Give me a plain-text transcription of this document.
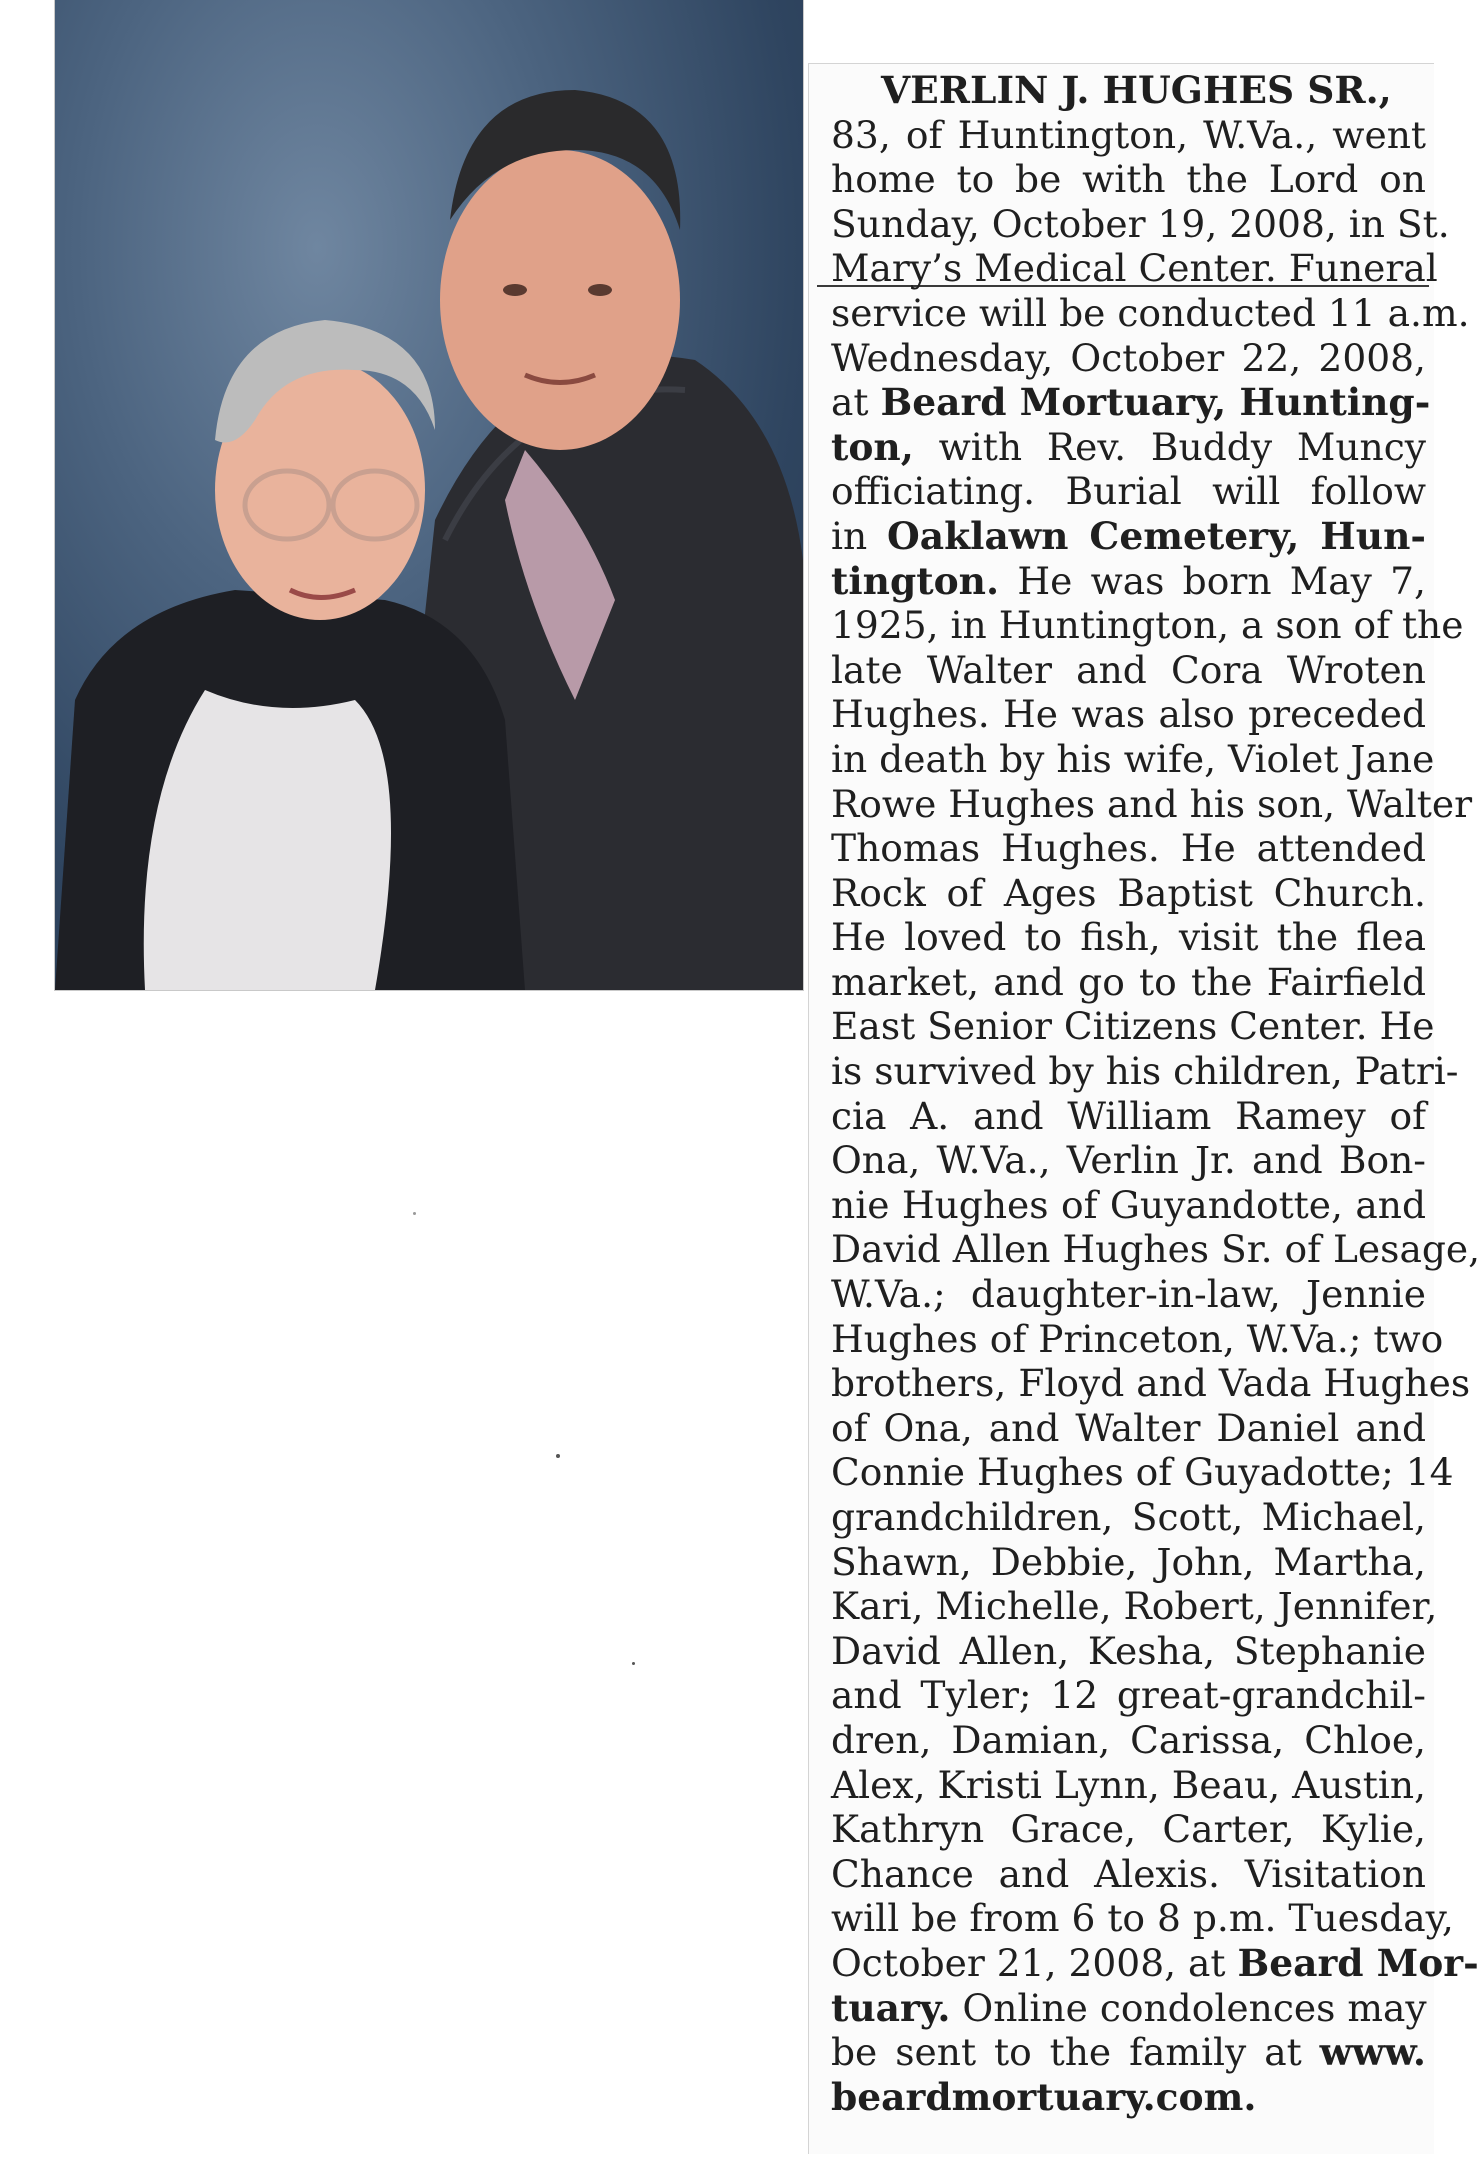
VERLIN J. HUGHES SR.,
83, of Huntington, W.Va., went
home to be with the Lord on
Sunday, October 19, 2008, in St.
Mary’s Medical Center. Funeral
service will be conducted 11 a.m.
Wednesday, October 22, 2008,
at Beard Mortuary, Hunting-
ton, with Rev. Buddy Muncy
officiating. Burial will follow
in Oaklawn Cemetery, Hun-
tington. He was born May 7,
1925, in Huntington, a son of the
late Walter and Cora Wroten
Hughes. He was also preceded
in death by his wife, Violet Jane
Rowe Hughes and his son, Walter
Thomas Hughes. He attended
Rock of Ages Baptist Church.
He loved to fish, visit the flea
market, and go to the Fairfield
East Senior Citizens Center. He
is survived by his children, Patri-
cia A. and William Ramey of
Ona, W.Va., Verlin Jr. and Bon-
nie Hughes of Guyandotte, and
David Allen Hughes Sr. of Lesage,
W.Va.; daughter-in-law, Jennie
Hughes of Princeton, W.Va.; two
brothers, Floyd and Vada Hughes
of Ona, and Walter Daniel and
Connie Hughes of Guyadotte; 14
grandchildren, Scott, Michael,
Shawn, Debbie, John, Martha,
Kari, Michelle, Robert, Jennifer,
David Allen, Kesha, Stephanie
and Tyler; 12 great-grandchil-
dren, Damian, Carissa, Chloe,
Alex, Kristi Lynn, Beau, Austin,
Kathryn Grace, Carter, Kylie,
Chance and Alexis. Visitation
will be from 6 to 8 p.m. Tuesday,
October 21, 2008, at Beard Mor-
tuary. Online condolences may
be sent to the family at www.
beardmortuary.com.
